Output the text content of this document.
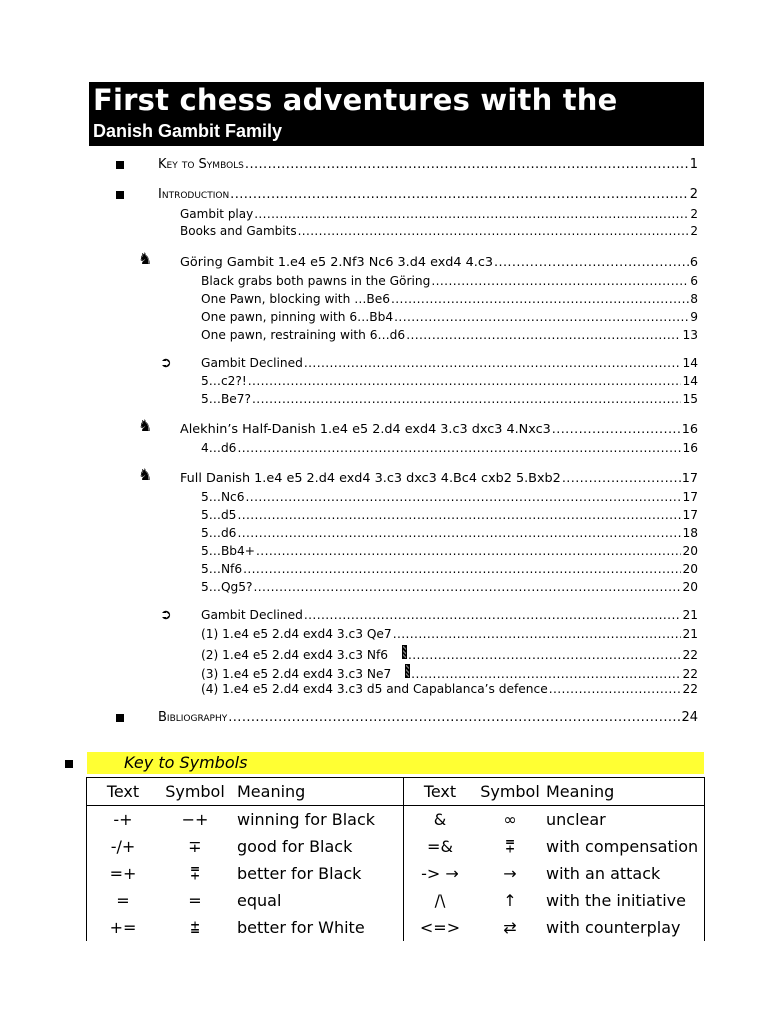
First chess adventures with the
Danish Gambit Family
Key to Symbols .....	1
Introduction .....	2
Gambit play .....	2
Books and Gambits .....	2
♞ Göring Gambit 1.e4 e5 2.Nf3 Nc6 3.d4 exd4 4.c3 .....	6
Black grabs both pawns in the Göring .....	6
One Pawn, blocking with …Be6 .....	8
One pawn, pinning with 6…Bb4 .....	9
One pawn, restraining with 6…d6 .....	13
➲ Gambit Declined .....	14
5…c2?! .....	14
5…Be7? .....	15
♞ Alekhin’s Half-Danish 1.e4 e5 2.d4 exd4 3.c3 dxc3 4.Nxc3 .....	16
4…d6 .....	16
♞ Full Danish 1.e4 e5 2.d4 exd4 3.c3 dxc3 4.Bc4 cxb2 5.Bxb2 .....	17
5…Nc6 .....	17
5…d5 .....	17
5…d6 .....	18
5…Bb4+ .....	20
5…Nf6 .....	20
5…Qg5? .....	20
➲ Gambit Declined .....	21
(1) 1.e4 e5 2.d4 exd4 3.c3 Qe7 .....	21
(2) 1.e4 e5 2.d4 exd4 3.c3 Nf6 .....	22
(3) 1.e4 e5 2.d4 exd4 3.c3 Ne7 .....	22
(4) 1.e4 e5 2.d4 exd4 3.c3 d5 and Capablanca’s defence .....	22
Bibliography .....	24
Key to Symbols
Text	Symbol	Meaning	Text	Symbol	Meaning
-+	−+	winning for Black	&	∞	unclear
-/+	∓	good for Black	=&	⩱	with compensation
=+	⩱	better for Black	-> →	→	with an attack
=	=	equal	/\	↑	with the initiative
+=	⩲	better for White	<=>	⇄	with counterplay
